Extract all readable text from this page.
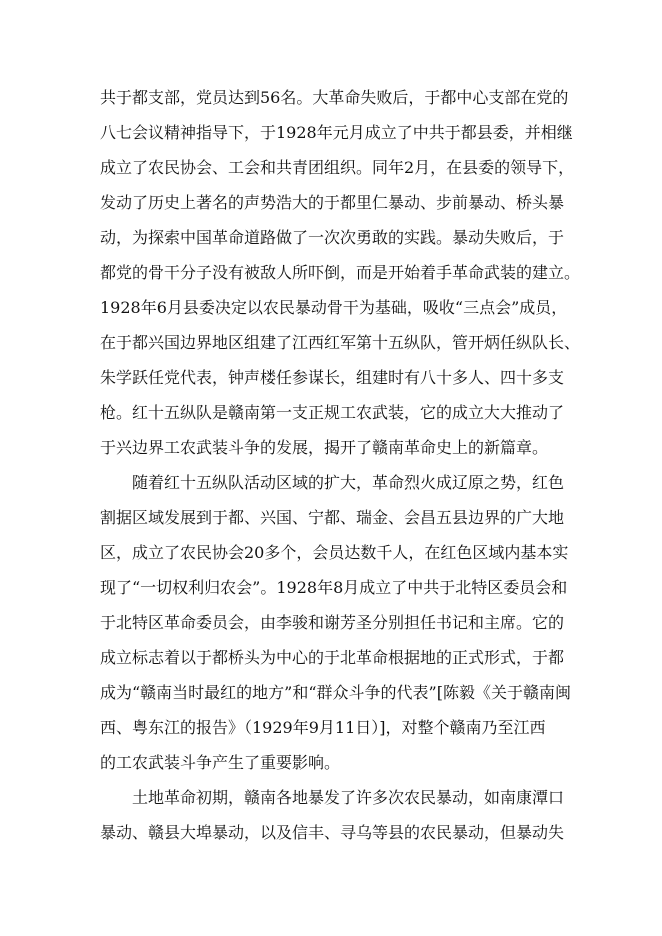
共于都支部，党员达到56名。大革命失败后，于都中心支部在党的
八七会议精神指导下，于1928年元月成立了中共于都县委，并相继
成立了农民协会、工会和共青团组织。同年2月，在县委的领导下，
发动了历史上著名的声势浩大的于都里仁暴动、步前暴动、桥头暴
动，为探索中国革命道路做了一次次勇敢的实践。暴动失败后，于
都党的骨干分子没有被敌人所吓倒，而是开始着手革命武装的建立。
1928年6月县委决定以农民暴动骨干为基础，吸收“三点会”成员，
在于都兴国边界地区组建了江西红军第十五纵队，管开炳任纵队长、
朱学跃任党代表，钟声楼任参谋长，组建时有八十多人、四十多支
枪。红十五纵队是赣南第一支正规工农武装，它的成立大大推动了
于兴边界工农武装斗争的发展，揭开了赣南革命史上的新篇章。
随着红十五纵队活动区域的扩大，革命烈火成辽原之势，红色
割据区域发展到于都、兴国、宁都、瑞金、会昌五县边界的广大地
区，成立了农民协会20多个，会员达数千人，在红色区域内基本实
现了“一切权利归农会”。1928年8月成立了中共于北特区委员会和
于北特区革命委员会，由李骏和谢芳圣分别担任书记和主席。它的
成立标志着以于都桥头为中心的于北革命根据地的正式形式，于都
成为“赣南当时最红的地方”和“群众斗争的代表”[陈毅《关于赣南闽
西、粤东江的报告》（1929年9月11日）]，对整个赣南乃至江西
的工农武装斗争产生了重要影响。
土地革命初期，赣南各地暴发了许多次农民暴动，如南康潭口
暴动、赣县大埠暴动，以及信丰、寻乌等县的农民暴动，但暴动失
